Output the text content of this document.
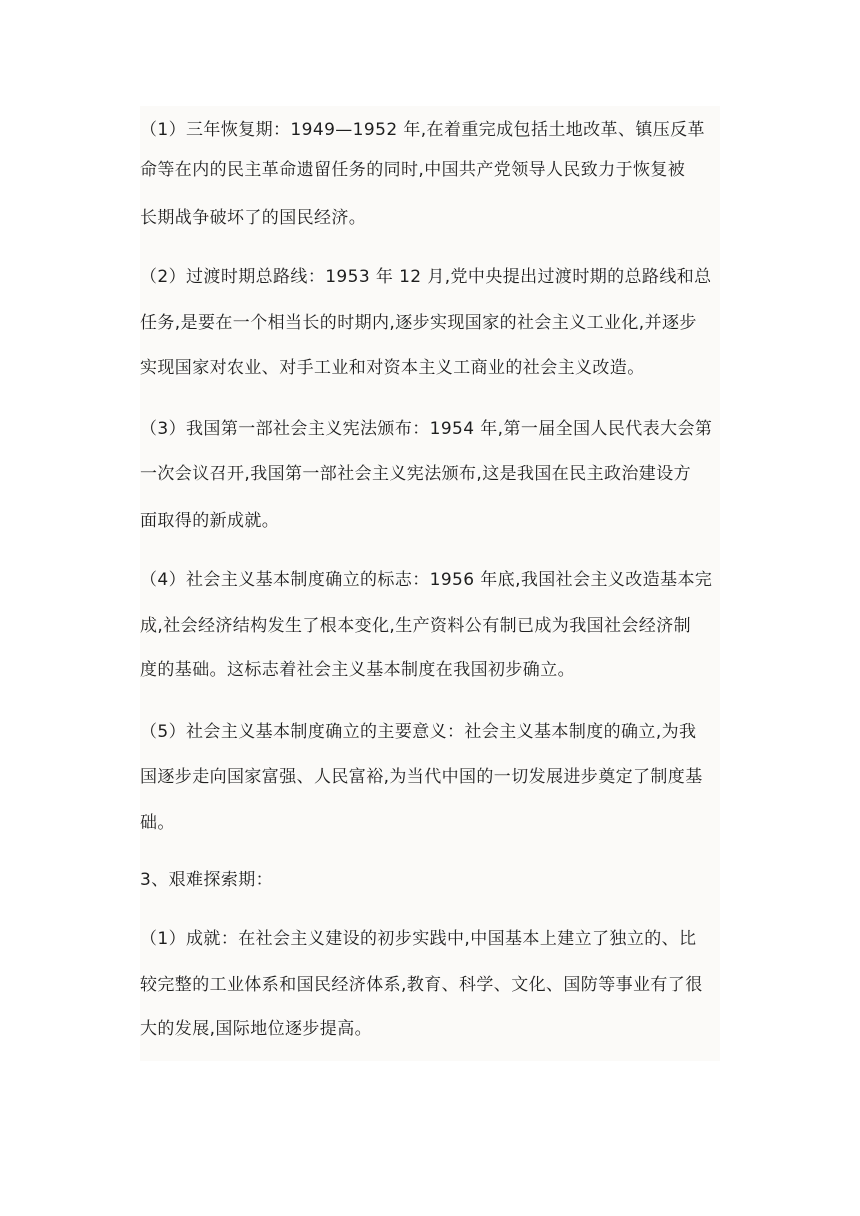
（1）三年恢复期：1949—1952 年,在着重完成包括土地改革、镇压反革

命等在内的民主革命遗留任务的同时,中国共产党领导人民致力于恢复被

长期战争破坏了的国民经济。

（2）过渡时期总路线：1953 年 12 月,党中央提出过渡时期的总路线和总

任务,是要在一个相当长的时期内,逐步实现国家的社会主义工业化,并逐步

实现国家对农业、对手工业和对资本主义工商业的社会主义改造。

（3）我国第一部社会主义宪法颁布：1954 年,第一届全国人民代表大会第

一次会议召开,我国第一部社会主义宪法颁布,这是我国在民主政治建设方

面取得的新成就。

（4）社会主义基本制度确立的标志：1956 年底,我国社会主义改造基本完

成,社会经济结构发生了根本变化,生产资料公有制已成为我国社会经济制

度的基础。这标志着社会主义基本制度在我国初步确立。

（5）社会主义基本制度确立的主要意义：社会主义基本制度的确立,为我

国逐步走向国家富强、人民富裕,为当代中国的一切发展进步奠定了制度基

础。

3、艰难探索期：

（1）成就：在社会主义建设的初步实践中,中国基本上建立了独立的、比

较完整的工业体系和国民经济体系,教育、科学、文化、国防等事业有了很

大的发展,国际地位逐步提高。
